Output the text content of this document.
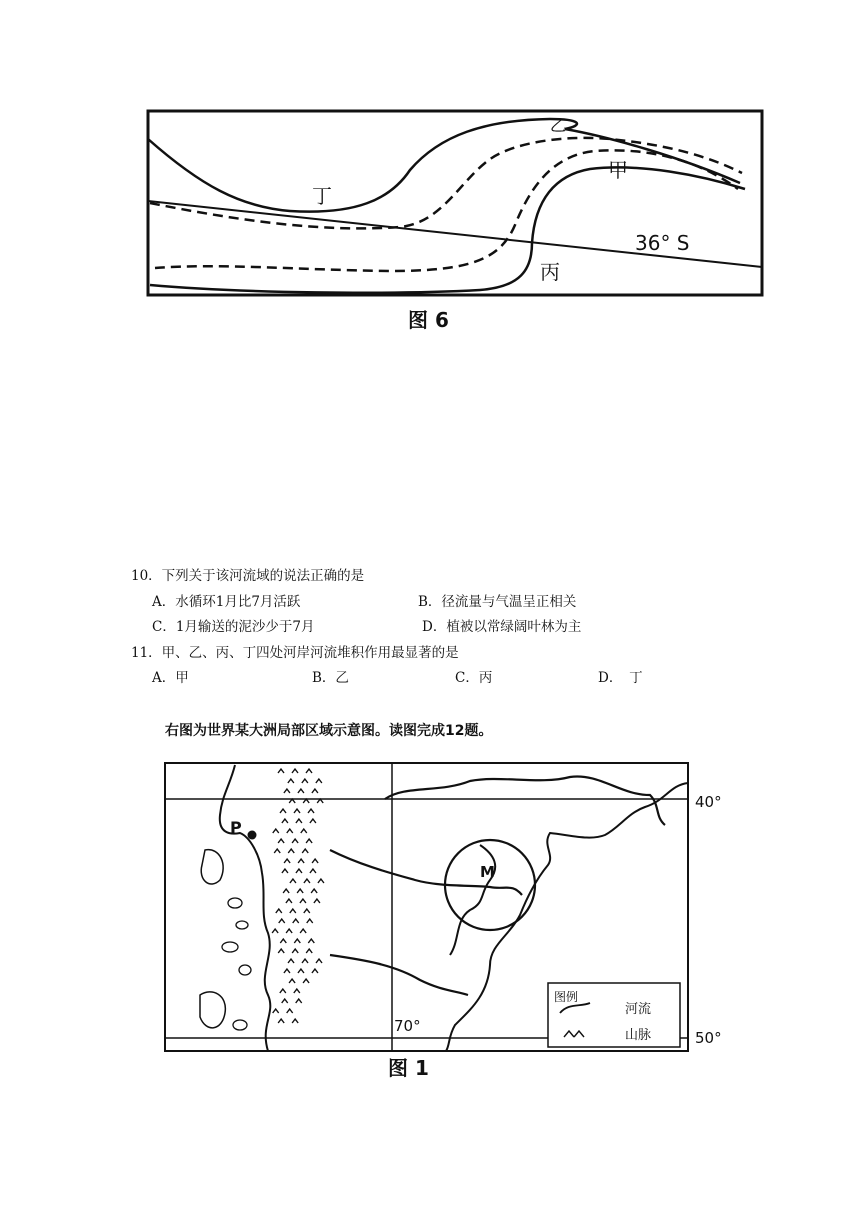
甲
乙
丙
丁
36° S
图 6
10．下列关于该河流域的说法正确的是
A．水循环1月比7月活跃	B．径流量与气温呈正相关
C．1月输送的泥沙少于7月	D．植被以常绿阔叶林为主
11．甲、乙、丙、丁四处河岸河流堆积作用最显著的是
A．甲	B．乙	C．丙	D．　丁
右图为世界某大洲局部区域示意图。读图完成12题。
M
P
40°
50°
70°
图例
河流
山脉
图 1
